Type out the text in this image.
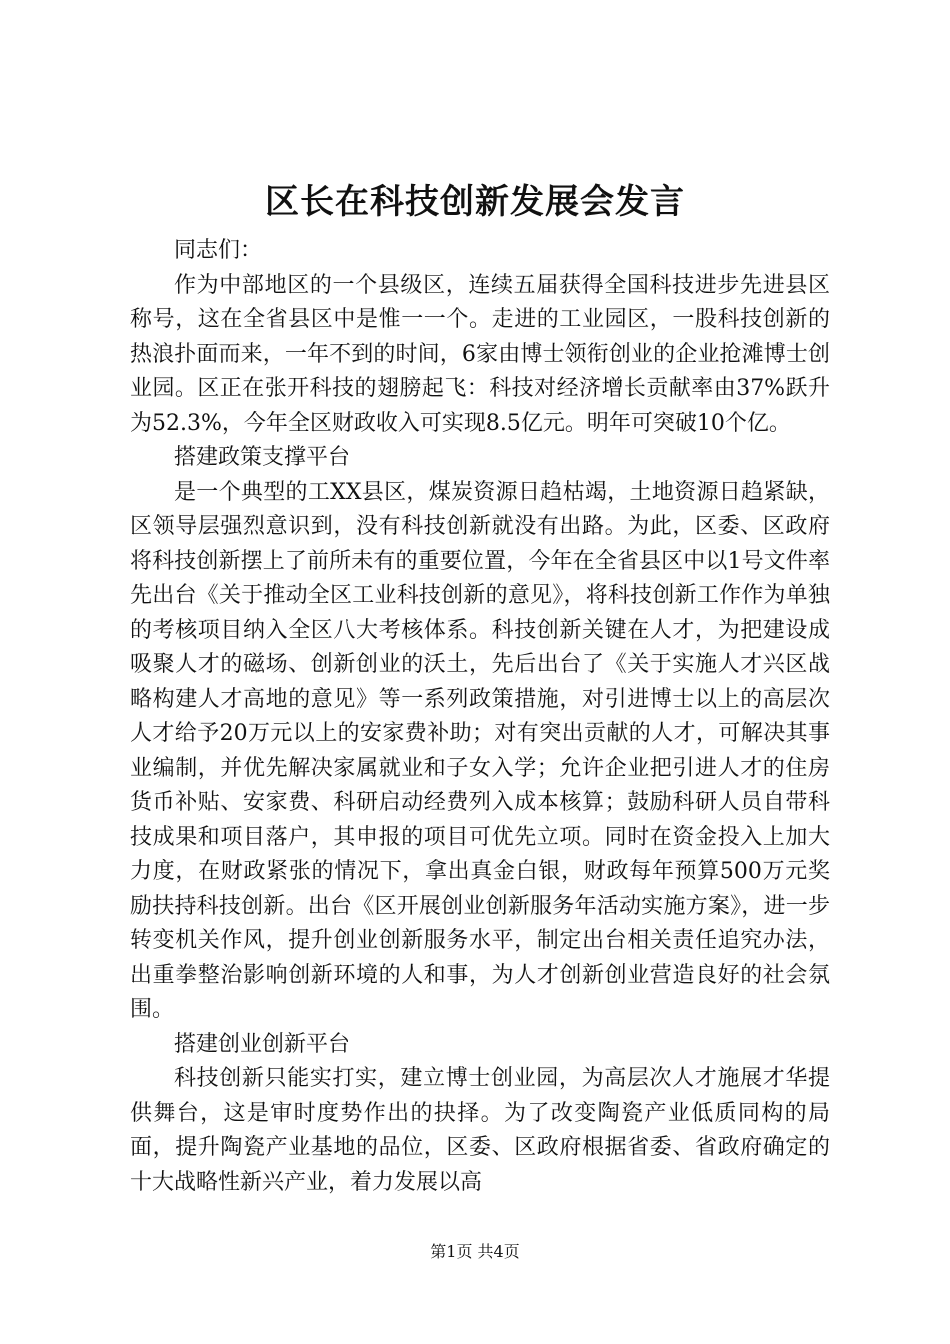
区长在科技创新发展会发言

同志们：

作为中部地区的一个县级区，连续五届获得全国科技进步先进县区称号，这在全省县区中是惟一一个。走进的工业园区，一股科技创新的热浪扑面而来，一年不到的时间，6家由博士领衔创业的企业抢滩博士创业园。区正在张开科技的翅膀起飞：科技对经济增长贡献率由37%跃升为52.3%，今年全区财政收入可实现8.5亿元。明年可突破10个亿。

搭建政策支撑平台

是一个典型的工XX县区，煤炭资源日趋枯竭，土地资源日趋紧缺，区领导层强烈意识到，没有科技创新就没有出路。为此，区委、区政府将科技创新摆上了前所未有的重要位置，今年在全省县区中以1号文件率先出台《关于推动全区工业科技创新的意见》，将科技创新工作作为单独的考核项目纳入全区八大考核体系。科技创新关键在人才，为把建设成吸聚人才的磁场、创新创业的沃土，先后出台了《关于实施人才兴区战略构建人才高地的意见》等一系列政策措施，对引进博士以上的高层次人才给予20万元以上的安家费补助；对有突出贡献的人才，可解决其事业编制，并优先解决家属就业和子女入学；允许企业把引进人才的住房货币补贴、安家费、科研启动经费列入成本核算；鼓励科研人员自带科技成果和项目落户，其申报的项目可优先立项。同时在资金投入上加大力度，在财政紧张的情况下，拿出真金白银，财政每年预算500万元奖励扶持科技创新。出台《区开展创业创新服务年活动实施方案》，进一步转变机关作风，提升创业创新服务水平，制定出台相关责任追究办法，出重拳整治影响创新环境的人和事，为人才创新创业营造良好的社会氛围。

搭建创业创新平台

科技创新只能实打实，建立博士创业园，为高层次人才施展才华提供舞台，这是审时度势作出的抉择。为了改变陶瓷产业低质同构的局面，提升陶瓷产业基地的品位，区委、区政府根据省委、省政府确定的十大战略性新兴产业，着力发展以高

第1页 共4页
